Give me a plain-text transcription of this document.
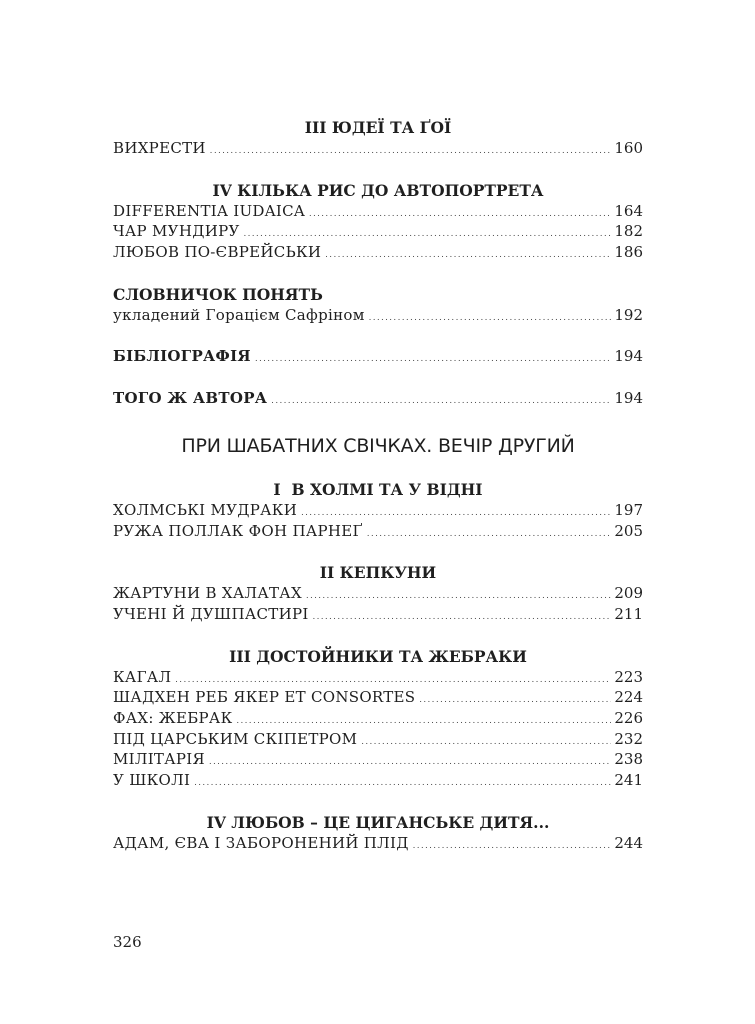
III ЮДЕЇ ТА ҐОЇ
ВИХРЕСТИ .....	160
IV КІЛЬКА РИС ДО АВТОПОРТРЕТА
DIFFERENTIA IUDAICA .....	164
ЧАР МУНДИРУ .....	182
ЛЮБОВ ПО-ЄВРЕЙСЬКИ .....	186
СЛОВНИЧОК ПОНЯТЬ
укладений Горацієм Сафріном .....	192
БІБЛІОГРАФІЯ .....	194
ТОГО Ж АВТОРА .....	194
ПРИ ШАБАТНИХ СВІЧКАХ. ВЕЧІР ДРУГИЙ
I  В ХОЛМІ ТА У ВІДНІ
ХОЛМСЬКІ МУДРАКИ .....	197
РУЖА ПОЛЛАК ФОН ПАРНЕҐ .....	205
II КЕПКУНИ
ЖАРТУНИ В ХАЛАТАХ .....	209
УЧЕНІ Й ДУШПАСТИРІ .....	211
III ДОСТОЙНИКИ ТА ЖЕБРАКИ
КАГАЛ .....	223
ШАДХЕН РЕБ ЯКЕР ET CONSORTES .....	224
ФАХ: ЖЕБРАК .....	226
ПІД ЦАРСЬКИМ СКІПЕТРОМ .....	232
МІЛІТАРІЯ .....	238
У ШКОЛІ .....	241
IV ЛЮБОВ – ЦЕ ЦИГАНСЬКЕ ДИТЯ...
АДАМ, ЄВА І ЗАБОРОНЕНИЙ ПЛІД .....	244
326
